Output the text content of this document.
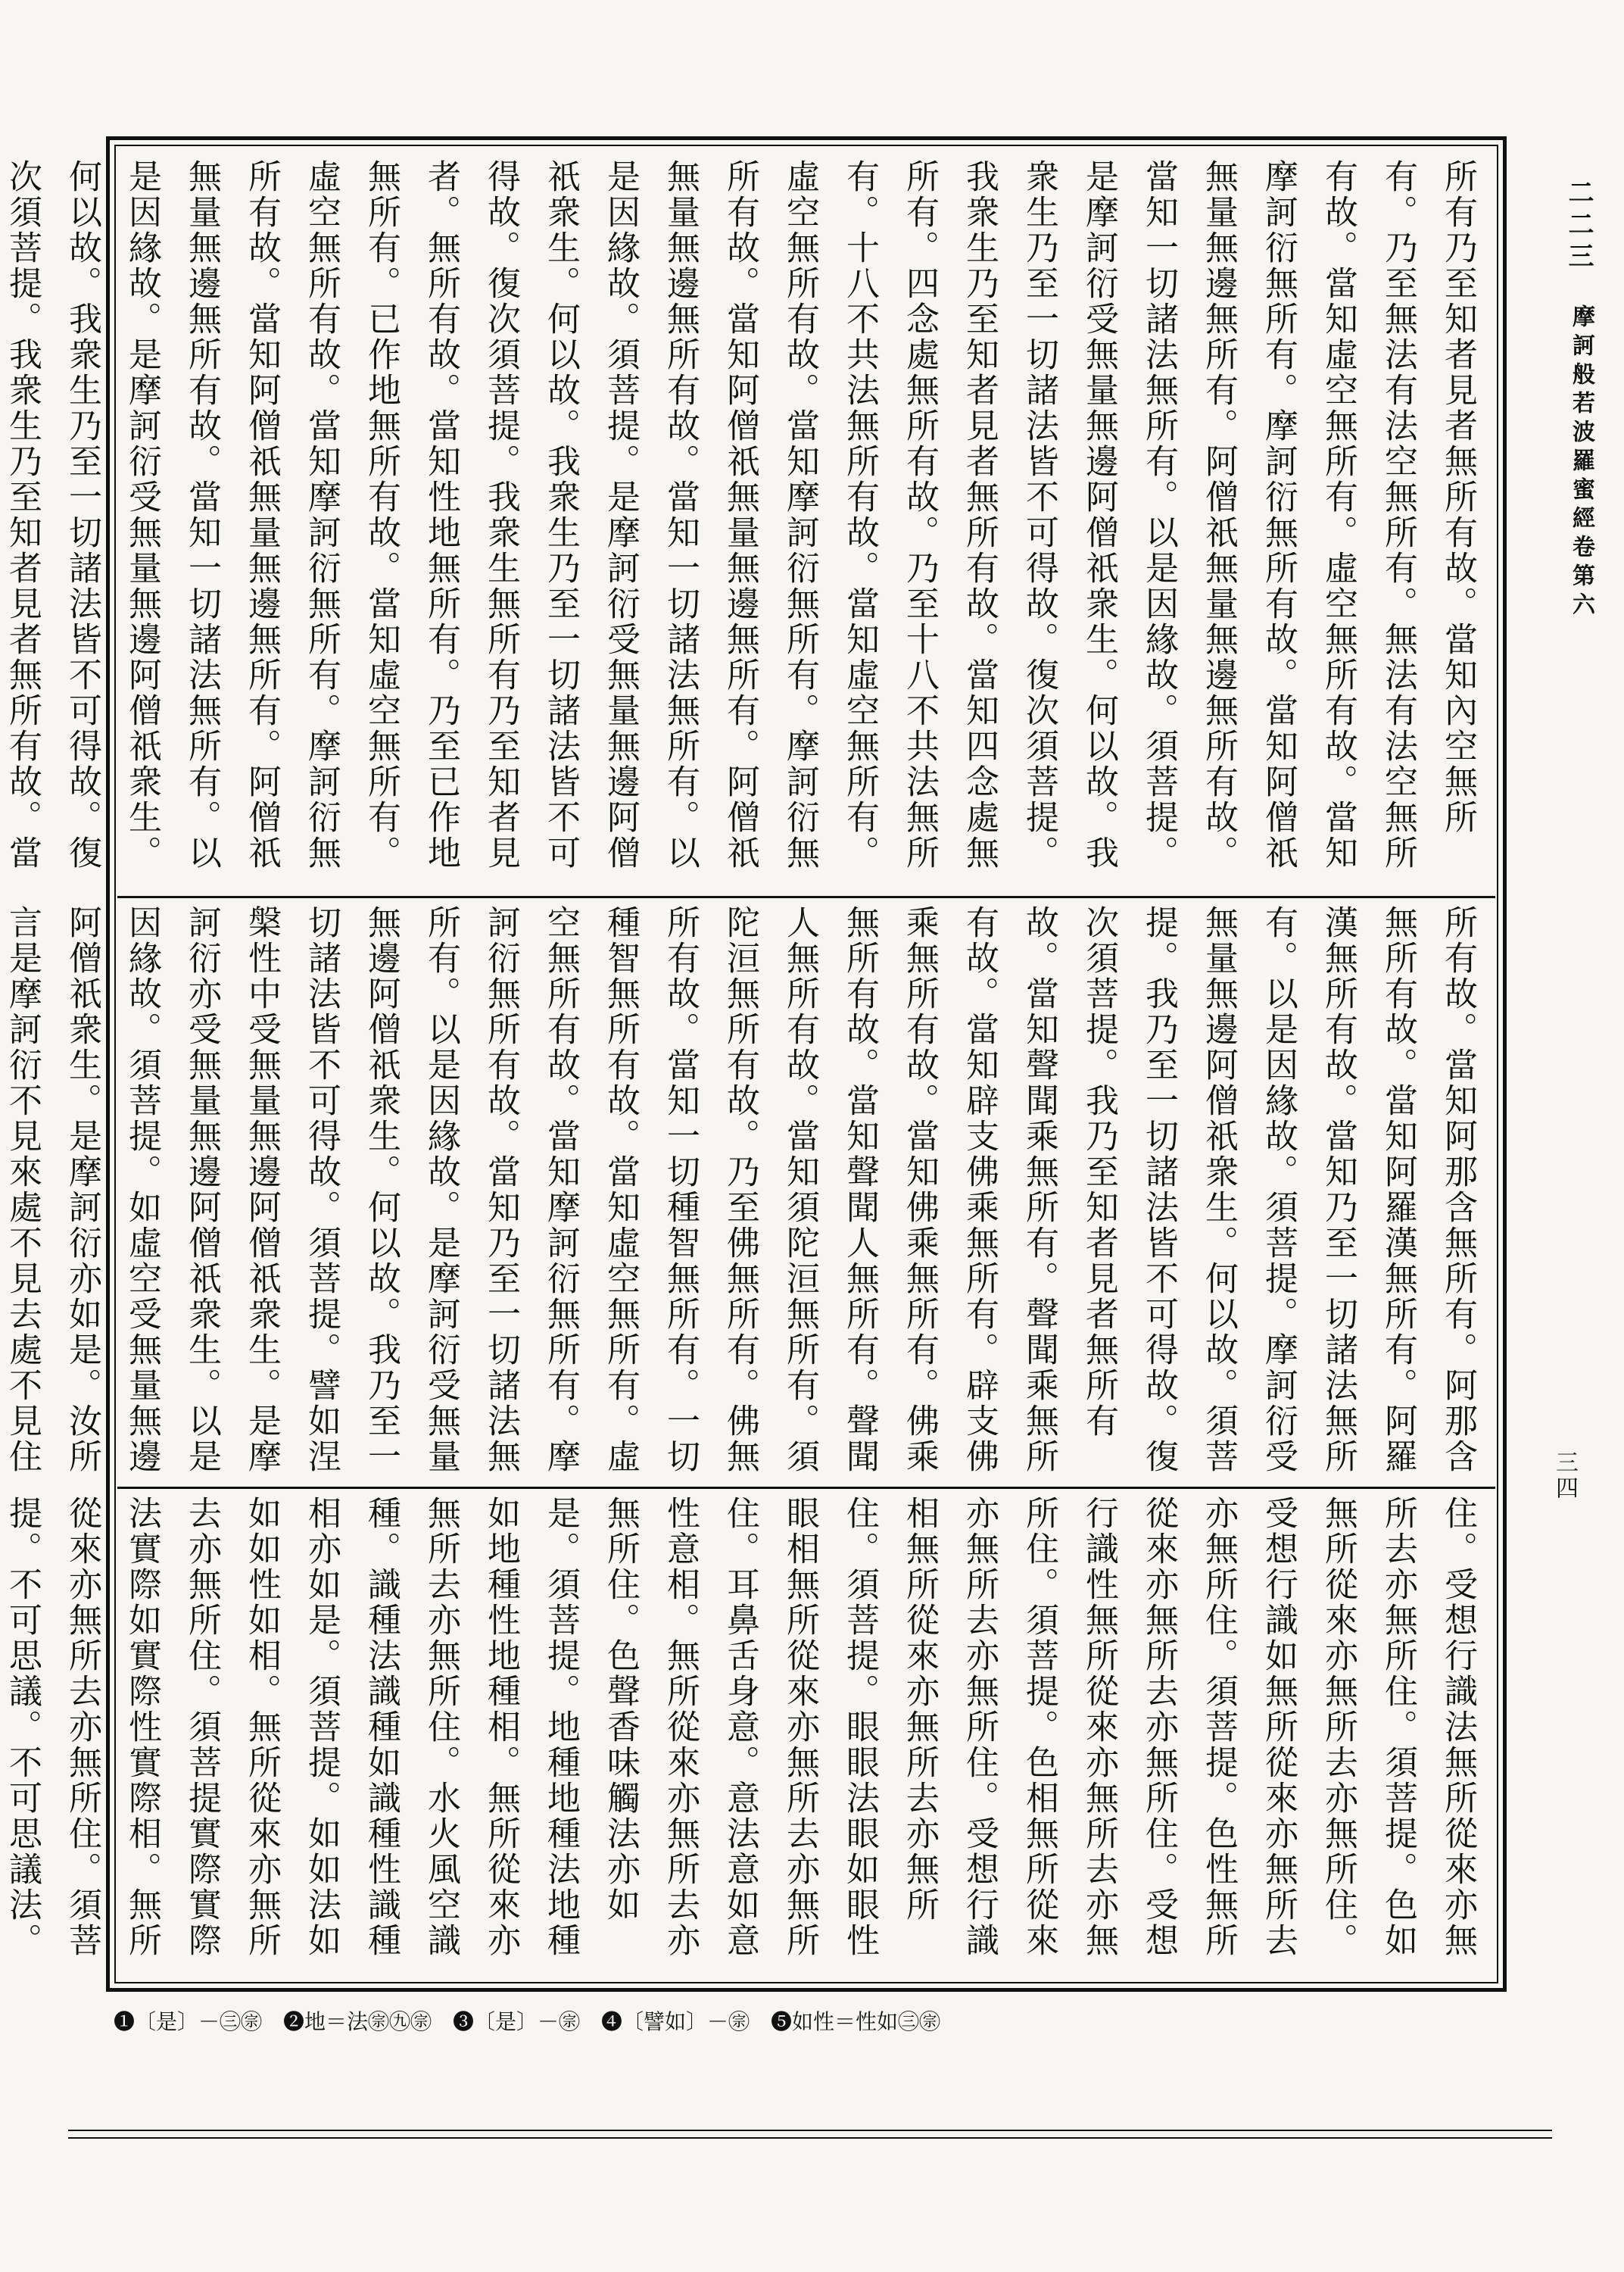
二二三
摩訶般若波羅蜜經卷第六
三四
所有乃至知者見者無所有故。當知內空無所有。乃至無法有法空無所有。無法有法空無所有故。當知虛空無所有。虛空無所有故。當知摩訶衍無所有。摩訶衍無所有故。當知阿僧祇無量無邊無所有。阿僧祇無量無邊無所有故。當知一切諸法無所有。以是因緣故。須菩提。是摩訶衍受無量無邊阿僧祇衆生。何以故。我衆生乃至一切諸法皆不可得故。復次須菩提。我衆生乃至知者見者無所有故。當知四念處無所有。四念處無所有故。乃至十八不共法無所有。十八不共法無所有故。當知虛空無所有。虛空無所有故。當知摩訶衍無所有。摩訶衍無所有故。當知阿僧祇無量無邊無所有。阿僧祇無量無邊無所有故。當知一切諸法無所有。以是因緣故。須菩提。是摩訶衍受無量無邊阿僧祇衆生。何以故。我衆生乃至一切諸法皆不可得故。復次須菩提。我衆生無所有乃至知者見者。無所有故。當知性地無所有。乃至已作地無所有。已作地無所有故。當知虛空無所有。虛空無所有故。當知摩訶衍無所有。摩訶衍無所有故。當知阿僧祇無量無邊無所有。阿僧祇無量無邊無所有故。當知一切諸法無所有。以是因緣故。是摩訶衍受無量無邊阿僧祇衆生。何以故。我衆生乃至一切諸法皆不可得故。復次須菩提。我衆生乃至知者見者無所有故。當
所有故。當知阿那含無所有。阿那含無所有故。當知阿羅漢無所有。阿羅漢無所有故。當知乃至一切諸法無所有。以是因緣故。須菩提。摩訶衍受無量無邊阿僧祇衆生。何以故。須菩提。我乃至一切諸法皆不可得故。復次須菩提。我乃至知者見者無所有故。當知聲聞乘無所有。聲聞乘無所有故。當知辟支佛乘無所有。辟支佛乘無所有故。當知佛乘無所有。佛乘無所有故。當知聲聞人無所有。聲聞人無所有故。當知須陀洹無所有。須陀洹無所有故。乃至佛無所有。佛無所有故。當知一切種智無所有。一切種智無所有故。當知虛空無所有。虛空無所有故。當知摩訶衍無所有。摩訶衍無所有故。當知乃至一切諸法無所有。以是因緣故。是摩訶衍受無量無邊阿僧祇衆生。何以故。我乃至一切諸法皆不可得故。須菩提。譬如涅槃性中受無量無邊阿僧祇衆生。是摩訶衍亦受無量無邊阿僧祇衆生。以是因緣故。須菩提。如虛空受無量無邊阿僧祇衆生。是摩訶衍亦如是。汝所言是摩訶衍不見來處不見去處不見住
住。受想行識法無所從來亦無所去亦無所住。須菩提。色如無所從來亦無所去亦無所住。受想行識如無所從來亦無所去亦無所住。須菩提。色性無所從來亦無所去亦無所住。受想行識性無所從來亦無所去亦無所住。須菩提。色相無所從來亦無所去亦無所住。受想行識相無所從來亦無所去亦無所住。須菩提。眼眼法眼如眼性眼相無所從來亦無所去亦無所住。耳鼻舌身意。意法意如意性意相。無所從來亦無所去亦無所住。色聲香味觸法亦如是。須菩提。地種地種法地種如地種性地種相。無所從來亦無所去亦無所住。水火風空識種。識種法識種如識種性識種相亦如是。須菩提。如如法如如如性如相。無所從來亦無所去亦無所住。須菩提實際實際法實際如實際性實際相。無所從來亦無所去亦無所住。須菩提。不可思議。不可思議法。
❶〔是〕－㊂㊪　❷地＝法㊪㊈㊪　❸〔是〕－㊪　❹〔譬如〕－㊪　❺如性＝性如㊂㊪
